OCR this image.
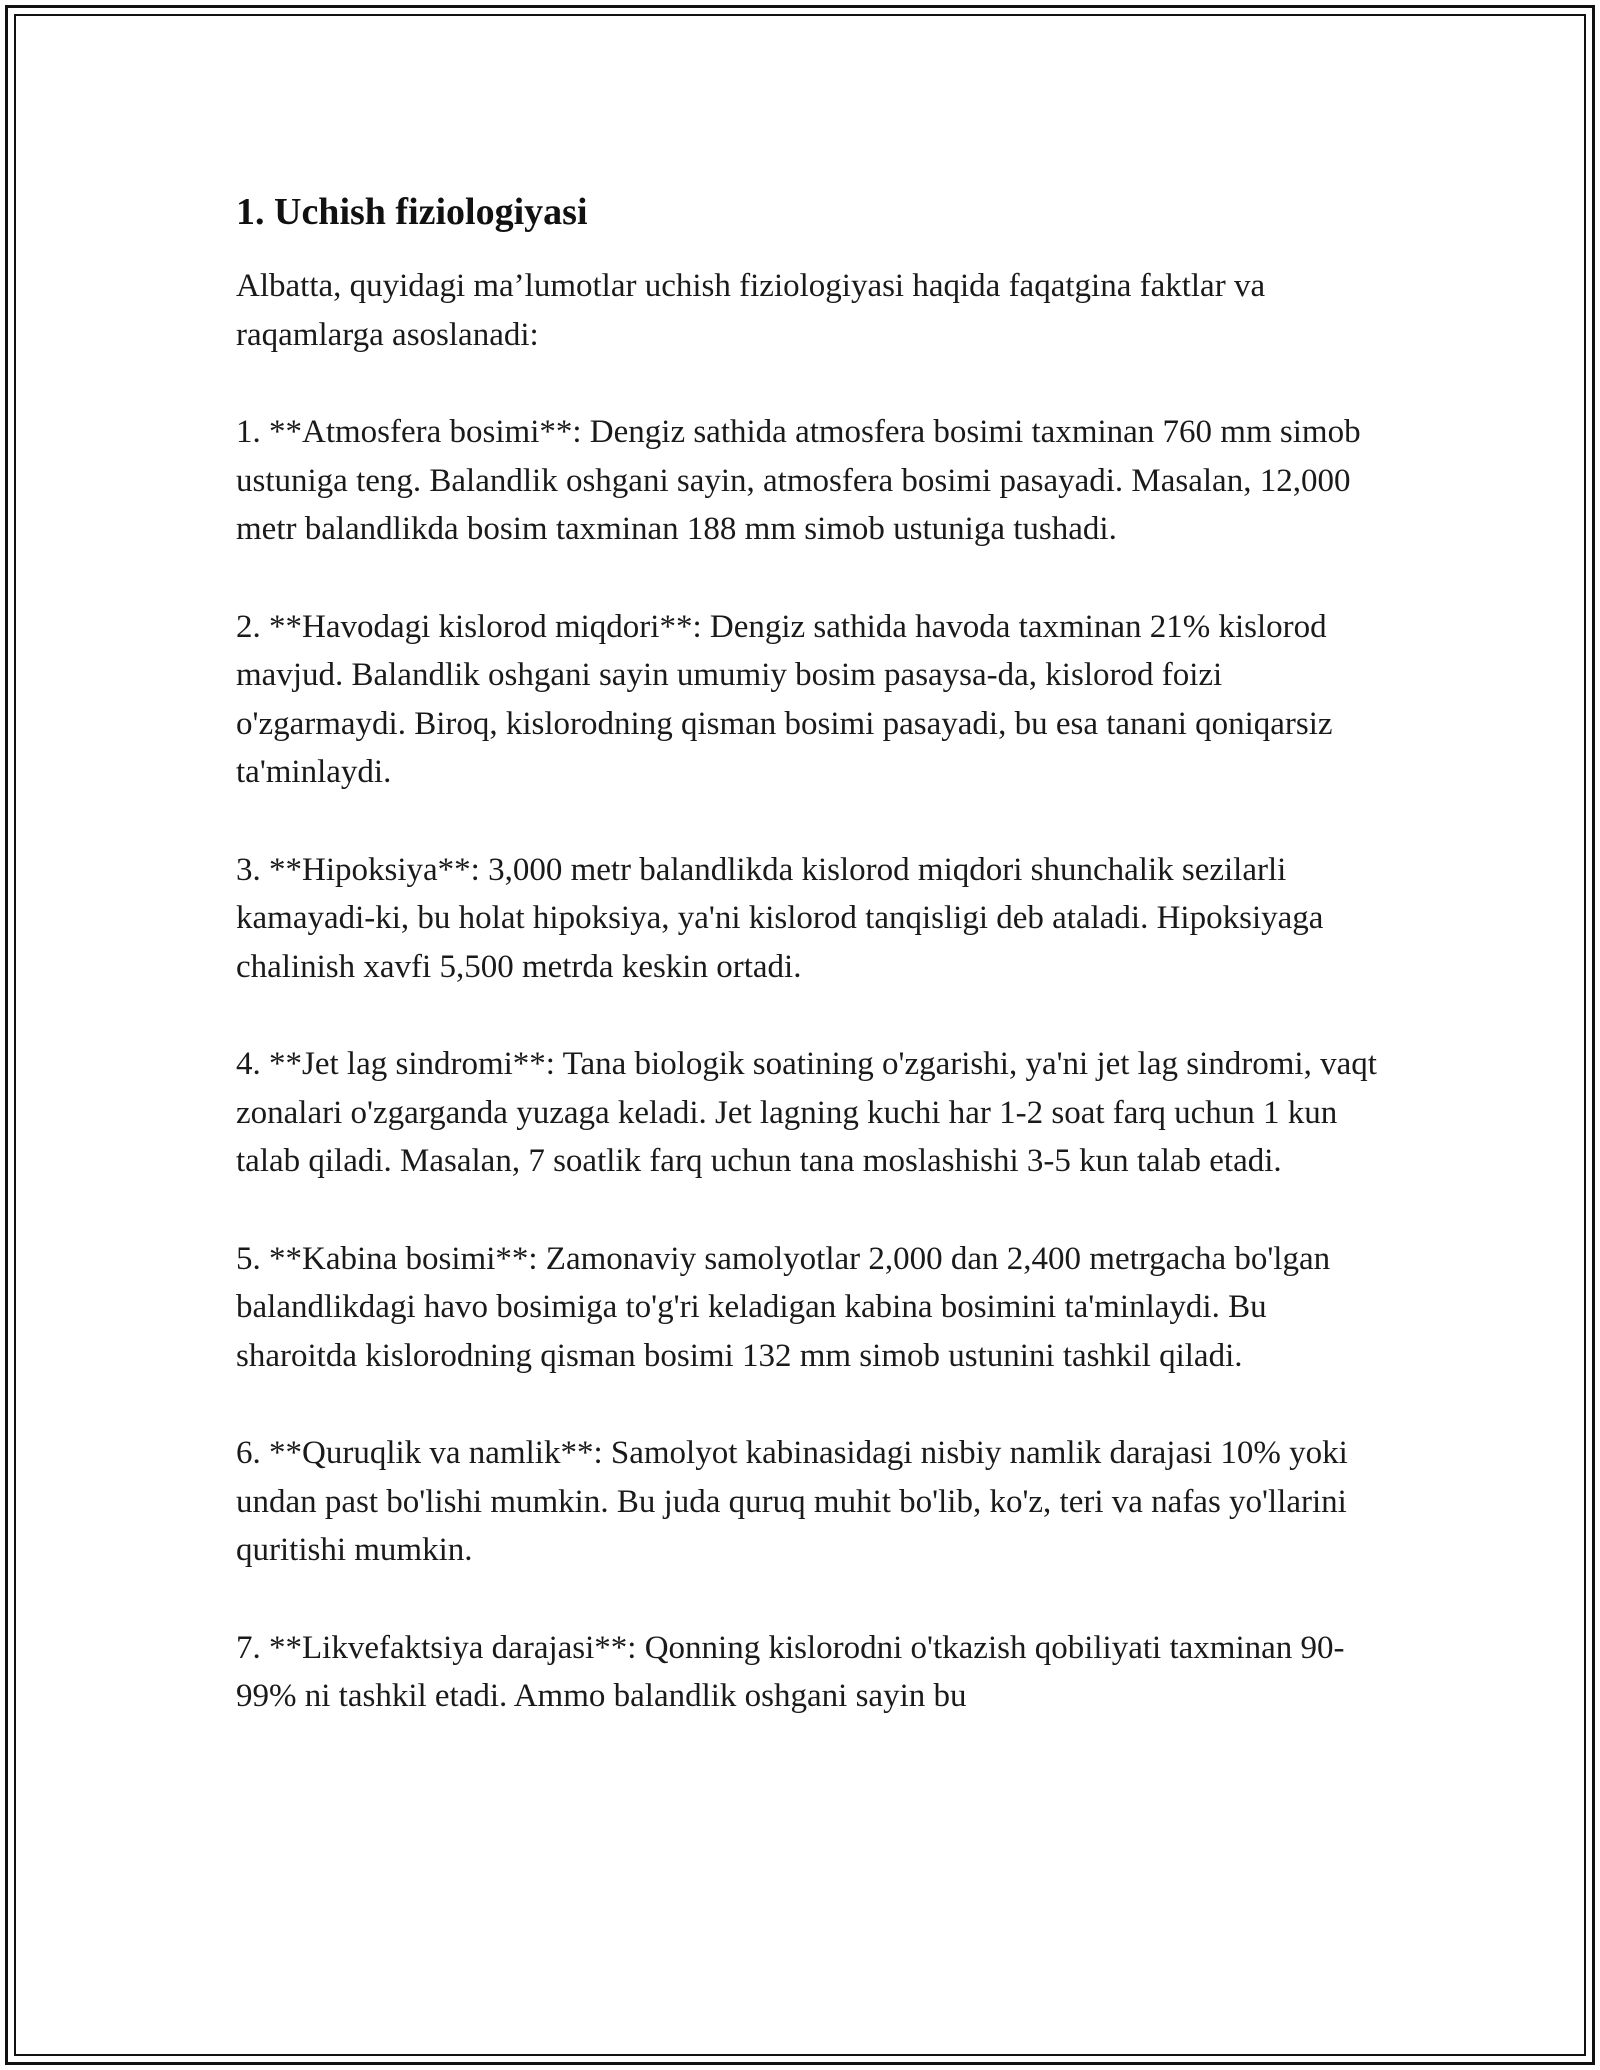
1. Uchish fiziologiyasi

Albatta, quyidagi ma’lumotlar uchish fiziologiyasi haqida faqatgina faktlar va raqamlarga asoslanadi:

1. **Atmosfera bosimi**: Dengiz sathida atmosfera bosimi taxminan 760 mm simob ustuniga teng. Balandlik oshgani sayin, atmosfera bosimi pasayadi. Masalan, 12,000 metr balandlikda bosim taxminan 188 mm simob ustuniga tushadi.

2. **Havodagi kislorod miqdori**: Dengiz sathida havoda taxminan 21% kislorod mavjud. Balandlik oshgani sayin umumiy bosim pasaysa-da, kislorod foizi o'zgarmaydi. Biroq, kislorodning qisman bosimi pasayadi, bu esa tanani qoniqarsiz ta'minlaydi.

3. **Hipoksiya**: 3,000 metr balandlikda kislorod miqdori shunchalik sezilarli kamayadi-ki, bu holat hipoksiya, ya'ni kislorod tanqisligi deb ataladi. Hipoksiyaga chalinish xavfi 5,500 metrda keskin ortadi.

4. **Jet lag sindromi**: Tana biologik soatining o'zgarishi, ya'ni jet lag sindromi, vaqt zonalari o'zgarganda yuzaga keladi. Jet lagning kuchi har 1-2 soat farq uchun 1 kun talab qiladi. Masalan, 7 soatlik farq uchun tana moslashishi 3-5 kun talab etadi.

5. **Kabina bosimi**: Zamonaviy samolyotlar 2,000 dan 2,400 metrgacha bo'lgan balandlikdagi havo bosimiga to'g'ri keladigan kabina bosimini ta'minlaydi. Bu sharoitda kislorodning qisman bosimi 132 mm simob ustunini tashkil qiladi.

6. **Quruqlik va namlik**: Samolyot kabinasidagi nisbiy namlik darajasi 10% yoki undan past bo'lishi mumkin. Bu juda quruq muhit bo'lib, ko'z, teri va nafas yo'llarini quritishi mumkin.

7. **Likvefaktsiya darajasi**: Qonning kislorodni o'tkazish qobiliyati taxminan 90-99% ni tashkil etadi. Ammo balandlik oshgani sayin bu
